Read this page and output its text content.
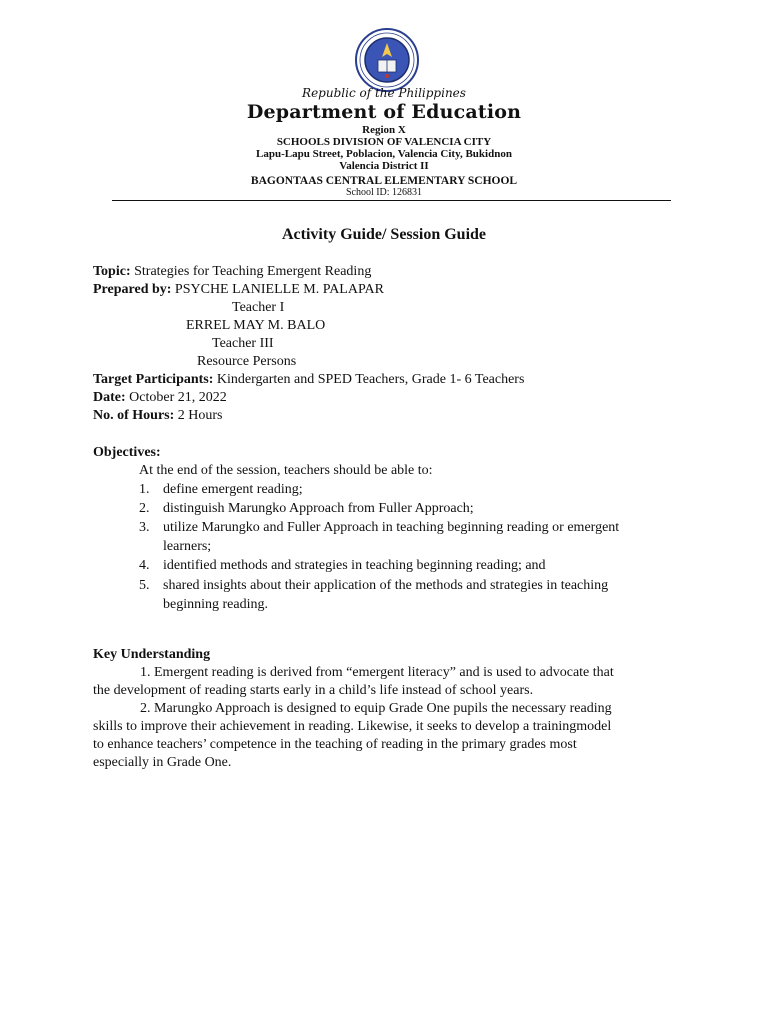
Republic of the Philippines
Department of Education
Region X
SCHOOLS DIVISION OF VALENCIA CITY
Lapu-Lapu Street, Poblacion, Valencia City, Bukidnon
Valencia District II
BAGONTAAS CENTRAL ELEMENTARY SCHOOL
School ID: 126831
Activity Guide/ Session Guide
Topic: Strategies for Teaching Emergent Reading
Prepared by: PSYCHE LANIELLE M. PALAPAR
Teacher I
ERREL MAY M. BALO
Teacher III
Resource Persons
Target Participants: Kindergarten and SPED Teachers, Grade 1- 6 Teachers
Date: October 21, 2022
No. of Hours: 2 Hours
Objectives:
At the end of the session, teachers should be able to:
1. define emergent reading;
2. distinguish Marungko Approach from Fuller Approach;
3. utilize Marungko and Fuller Approach in teaching beginning reading or emergent
learners;
4. identified methods and strategies in teaching beginning reading; and
5. shared insights about their application of the methods and strategies in teaching
beginning reading.
Key Understanding
1. Emergent reading is derived from “emergent literacy” and is used to advocate that
the development of reading starts early in a child’s life instead of school years.
2. Marungko Approach is designed to equip Grade One pupils the necessary reading
skills to improve their achievement in reading. Likewise, it seeks to develop a trainingmodel
to enhance teachers’ competence in the teaching of reading in the primary grades most
especially in Grade One.
